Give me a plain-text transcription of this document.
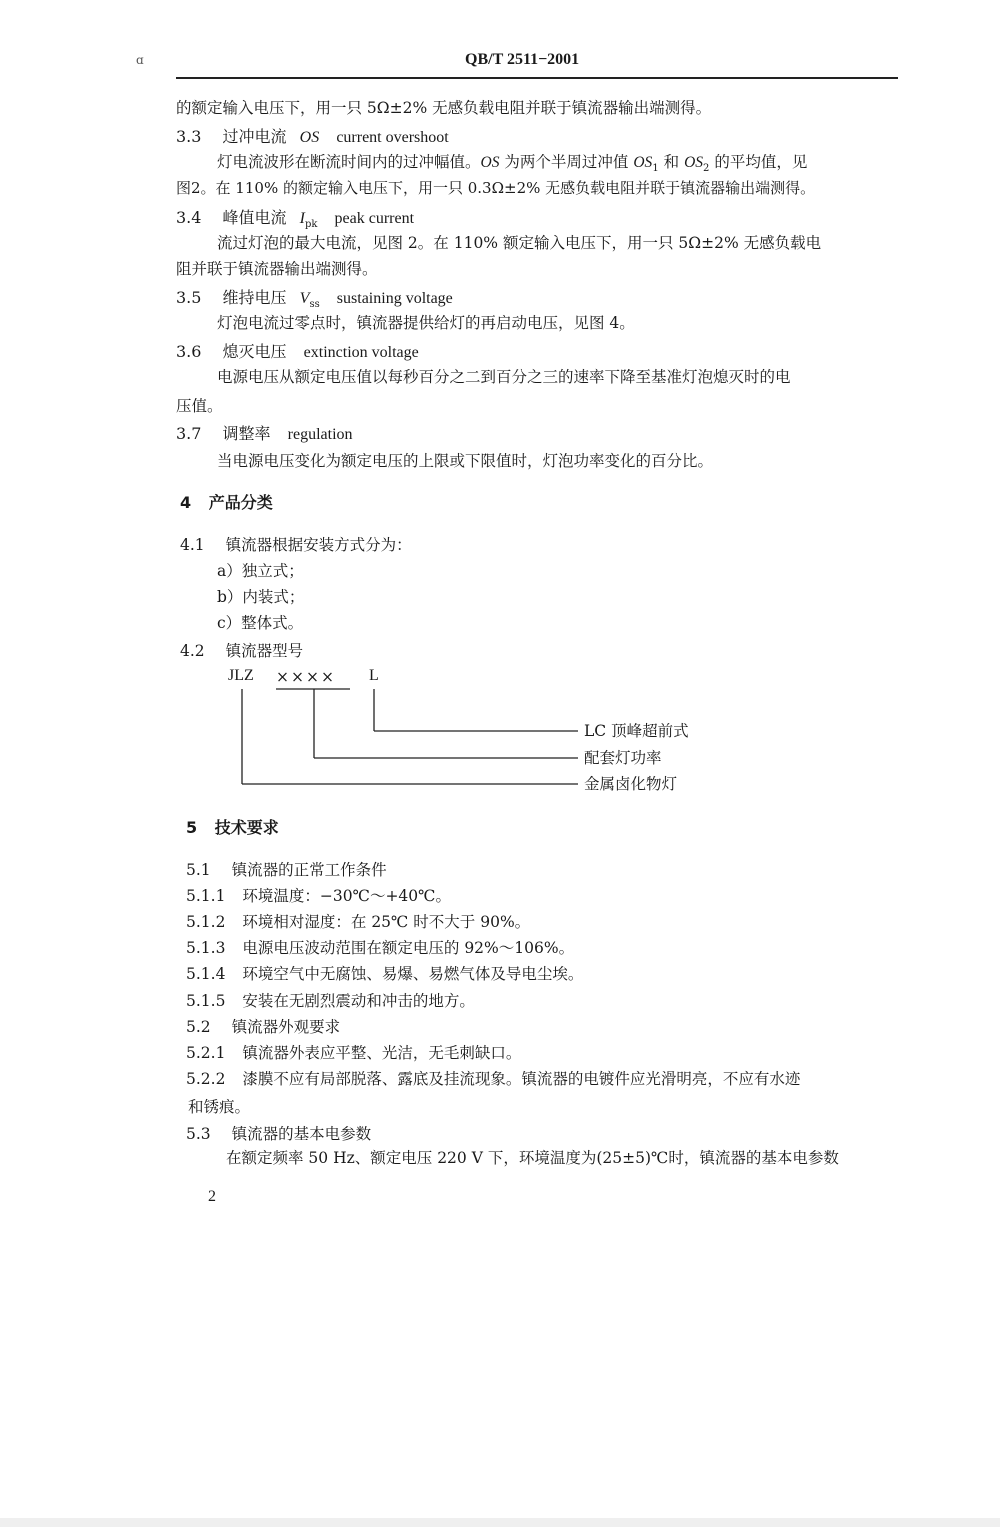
ɑ	QB/T 2511−2001
的额定输入电压下，用一只 5Ω±2% 无感负载电阻并联于镇流器输出端测得。
3.3 过冲电流 OS current overshoot
灯电流波形在断流时间内的过冲幅值。OS 为两个半周过冲值 $OS_1$ 和 $OS_2$ 的平均值，见
图2。在 110% 的额定输入电压下，用一只 0.3Ω±2% 无感负载电阻并联于镇流器输出端测得。
3.4 峰值电流 $I_{pk}$ peak current
流过灯泡的最大电流，见图 2。在 110% 额定输入电压下，用一只 5Ω±2% 无感负载电
阻并联于镇流器输出端测得。
3.5 维持电压 $V_{ss}$ sustaining voltage
灯泡电流过零点时，镇流器提供给灯的再启动电压，见图 4。
3.6 熄灭电压 extinction voltage
电源电压从额定电压值以每秒百分之二到百分之三的速率下降至基准灯泡熄灭时的电
压值。
3.7 调整率 regulation
当电源电压变化为额定电压的上限或下限值时，灯泡功率变化的百分比。
4 产品分类
4.1 镇流器根据安装方式分为：
a）独立式；
b）内装式；
c）整体式。
4.2 镇流器型号
JLZ ×××× L
LC 顶峰超前式
配套灯功率
金属卤化物灯
5 技术要求
5.1 镇流器的正常工作条件
5.1.1 环境温度：−30℃～+40℃。
5.1.2 环境相对湿度：在 25℃ 时不大于 90%。
5.1.3 电源电压波动范围在额定电压的 92%～106%。
5.1.4 环境空气中无腐蚀、易爆、易燃气体及导电尘埃。
5.1.5 安装在无剧烈震动和冲击的地方。
5.2 镇流器外观要求
5.2.1 镇流器外表应平整、光洁，无毛刺缺口。
5.2.2 漆膜不应有局部脱落、露底及挂流现象。镇流器的电镀件应光滑明亮，不应有水迹
和锈痕。
5.3 镇流器的基本电参数
在额定频率 50 Hz、额定电压 220 V 下，环境温度为(25±5)℃时，镇流器的基本电参数
2
